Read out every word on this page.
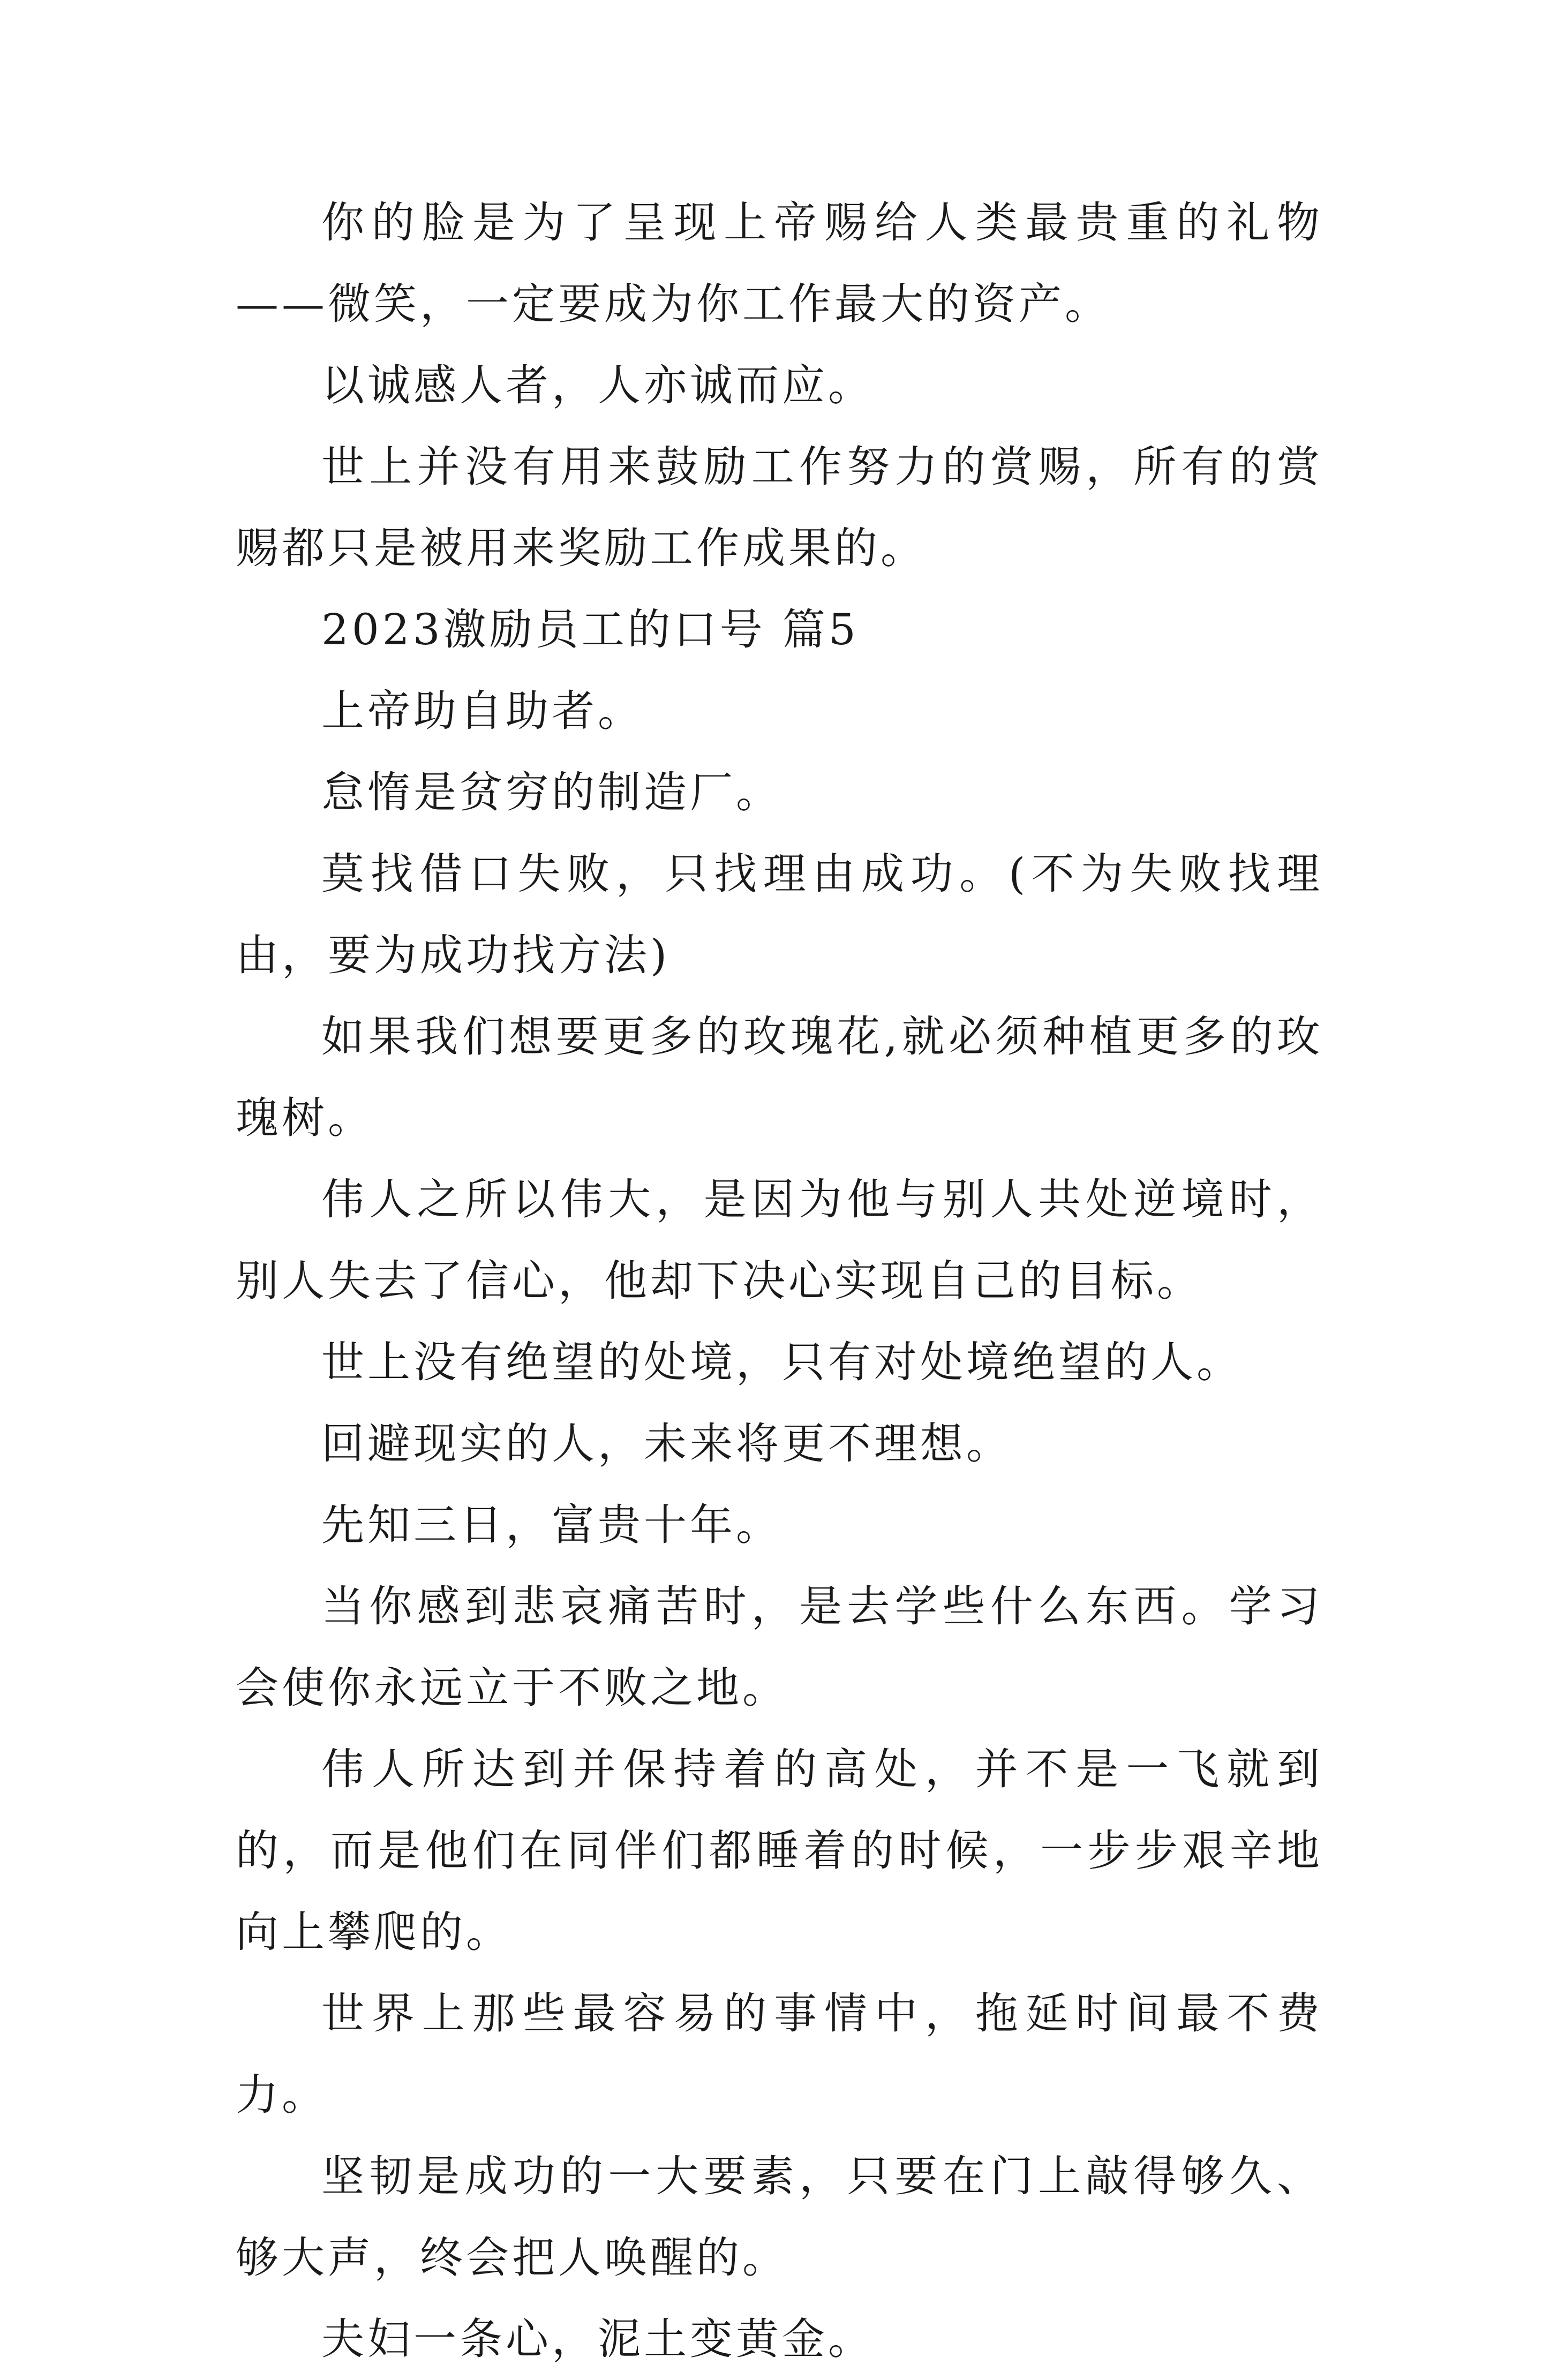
你的脸是为了呈现上帝赐给人类最贵重的礼物——微笑，一定要成为你工作最大的资产。

以诚感人者，人亦诚而应。

世上并没有用来鼓励工作努力的赏赐，所有的赏赐都只是被用来奖励工作成果的。

2023激励员工的口号 篇5

上帝助自助者。

怠惰是贫穷的制造厂。

莫找借口失败，只找理由成功。(不为失败找理由，要为成功找方法)

如果我们想要更多的玫瑰花,就必须种植更多的玫瑰树。

伟人之所以伟大，是因为他与别人共处逆境时，别人失去了信心，他却下决心实现自己的目标。

世上没有绝望的处境，只有对处境绝望的人。

回避现实的人，未来将更不理想。

先知三日，富贵十年。

当你感到悲哀痛苦时，是去学些什么东西。学习会使你永远立于不败之地。

伟人所达到并保持着的高处，并不是一飞就到的，而是他们在同伴们都睡着的时候，一步步艰辛地向上攀爬的。

世界上那些最容易的事情中，拖延时间最不费力。

坚韧是成功的一大要素，只要在门上敲得够久、够大声，终会把人唤醒的。

夫妇一条心，泥土变黄金。
